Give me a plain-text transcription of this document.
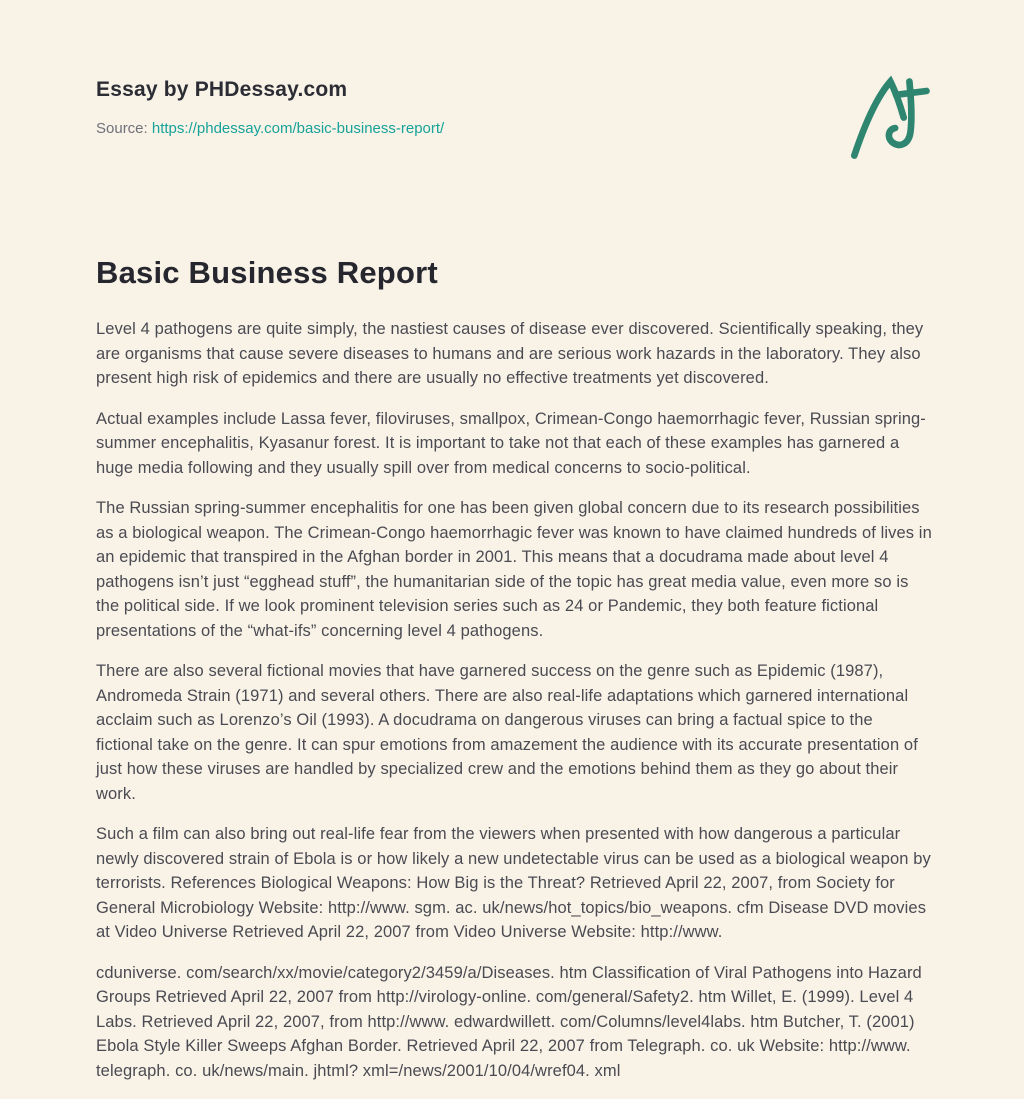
Essay by PHDessay.com
Source: https://phdessay.com/basic-business-report/
Basic Business Report

Level 4 pathogens are quite simply, the nastiest causes of disease ever discovered. Scientifically speaking, they are organisms that cause severe diseases to humans and are serious work hazards in the laboratory. They also present high risk of epidemics and there are usually no effective treatments yet discovered.

Actual examples include Lassa fever, filoviruses, smallpox, Crimean-Congo haemorrhagic fever, Russian spring-summer encephalitis, Kyasanur forest. It is important to take not that each of these examples has garnered a huge media following and they usually spill over from medical concerns to socio-political.

The Russian spring-summer encephalitis for one has been given global concern due to its research possibilities as a biological weapon. The Crimean-Congo haemorrhagic fever was known to have claimed hundreds of lives in an epidemic that transpired in the Afghan border in 2001. This means that a docudrama made about level 4 pathogens isn’t just “egghead stuff”, the humanitarian side of the topic has great media value, even more so is the political side. If we look prominent television series such as 24 or Pandemic, they both feature fictional presentations of the “what-ifs” concerning level 4 pathogens.

There are also several fictional movies that have garnered success on the genre such as Epidemic (1987), Andromeda Strain (1971) and several others. There are also real-life adaptations which garnered international acclaim such as Lorenzo’s Oil (1993). A docudrama on dangerous viruses can bring a factual spice to the fictional take on the genre. It can spur emotions from amazement the audience with its accurate presentation of just how these viruses are handled by specialized crew and the emotions behind them as they go about their work.

Such a film can also bring out real-life fear from the viewers when presented with how dangerous a particular newly discovered strain of Ebola is or how likely a new undetectable virus can be used as a biological weapon by terrorists. References Biological Weapons: How Big is the Threat? Retrieved April 22, 2007, from Society for General Microbiology Website: http://www. sgm. ac. uk/news/hot_topics/bio_weapons. cfm Disease DVD movies at Video Universe Retrieved April 22, 2007 from Video Universe Website: http://www.

cduniverse. com/search/xx/movie/category2/3459/a/Diseases. htm Classification of Viral Pathogens into Hazard Groups Retrieved April 22, 2007 from http://virology-online. com/general/Safety2. htm Willet, E. (1999). Level 4 Labs. Retrieved April 22, 2007, from http://www. edwardwillett. com/Columns/level4labs. htm Butcher, T. (2001) Ebola Style Killer Sweeps Afghan Border. Retrieved April 22, 2007 from Telegraph. co. uk Website: http://www. telegraph. co. uk/news/main. jhtml? xml=/news/2001/10/04/wref04. xml
